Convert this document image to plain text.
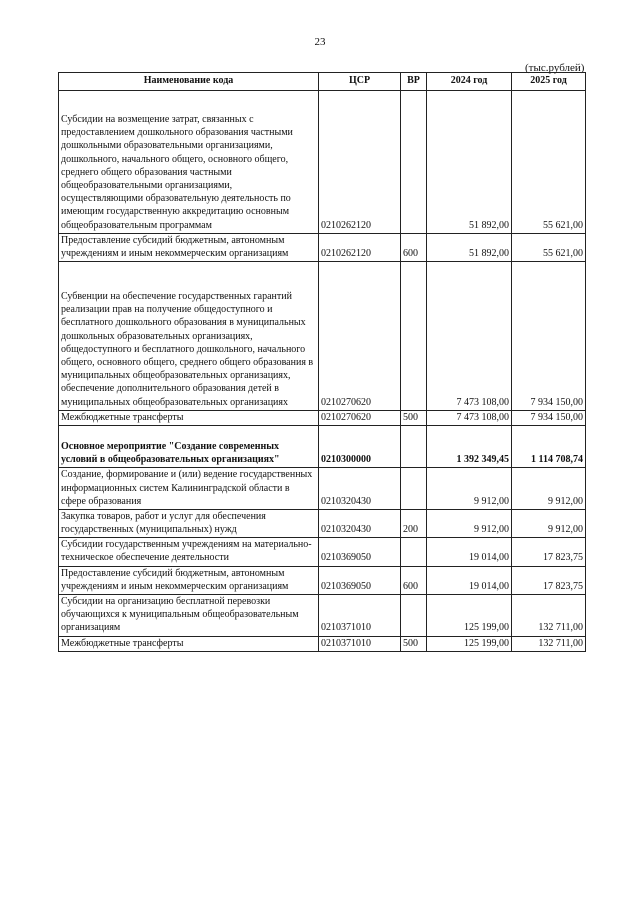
23
(тыс.рублей)
Наименование кода	ЦСР	ВР	2024 год	2025 год
Субсидии на возмещение затрат, связанных с предоставлением дошкольного образования частными дошкольными образовательными организациями, дошкольного, начального общего, основного общего, среднего общего образования частными общеобразовательными организациями, осуществляющими образовательную деятельность по имеющим государственную аккредитацию основным общеобразовательным программам	0210262120		51 892,00	55 621,00
Предоставление субсидий бюджетным, автономным учреждениям и иным некоммерческим организациям	0210262120	600	51 892,00	55 621,00
Субвенции на обеспечение государственных гарантий реализации прав на получение общедоступного и бесплатного дошкольного образования в муниципальных дошкольных образовательных организациях, общедоступного и бесплатного дошкольного, начального общего, основного общего, среднего общего образования в муниципальных общеобразовательных организациях, обеспечение дополнительного образования детей в муниципальных общеобразовательных организациях	0210270620		7 473 108,00	7 934 150,00
Межбюджетные трансферты	0210270620	500	7 473 108,00	7 934 150,00
Основное мероприятие "Создание современных условий в общеобразовательных организациях"	0210300000		1 392 349,45	1 114 708,74
Создание, формирование и (или) ведение государственных информационных систем Калининградской области в сфере образования	0210320430		9 912,00	9 912,00
Закупка товаров, работ и услуг для обеспечения государственных (муниципальных) нужд	0210320430	200	9 912,00	9 912,00
Субсидии государственным учреждениям на материально-техническое обеспечение деятельности	0210369050		19 014,00	17 823,75
Предоставление субсидий бюджетным, автономным учреждениям и иным некоммерческим организациям	0210369050	600	19 014,00	17 823,75
Субсидии на организацию бесплатной перевозки обучающихся к муниципальным общеобразовательным организациям	0210371010		125 199,00	132 711,00
Межбюджетные трансферты	0210371010	500	125 199,00	132 711,00
